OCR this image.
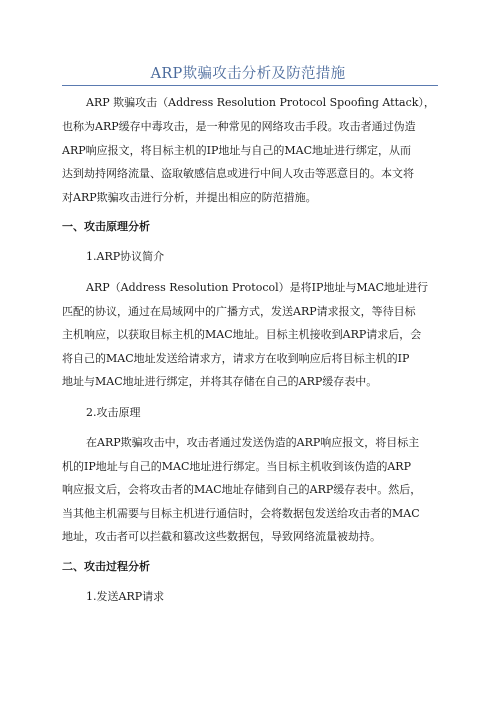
ARP欺骗攻击分析及防范措施
ARP 欺骗攻击（Address Resolution Protocol Spoofing Attack），
也称为ARP缓存中毒攻击，是一种常见的网络攻击手段。攻击者通过伪造
ARP响应报文，将目标主机的IP地址与自己的MAC地址进行绑定，从而
达到劫持网络流量、盗取敏感信息或进行中间人攻击等恶意目的。本文将
对ARP欺骗攻击进行分析，并提出相应的防范措施。
一、攻击原理分析
1.ARP协议简介
ARP（Address Resolution Protocol）是将IP地址与MAC地址进行
匹配的协议，通过在局域网中的广播方式，发送ARP请求报文，等待目标
主机响应，以获取目标主机的MAC地址。目标主机接收到ARP请求后，会
将自己的MAC地址发送给请求方，请求方在收到响应后将目标主机的IP
地址与MAC地址进行绑定，并将其存储在自己的ARP缓存表中。
2.攻击原理
在ARP欺骗攻击中，攻击者通过发送伪造的ARP响应报文，将目标主
机的IP地址与自己的MAC地址进行绑定。当目标主机收到该伪造的ARP
响应报文后，会将攻击者的MAC地址存储到自己的ARP缓存表中。然后，
当其他主机需要与目标主机进行通信时，会将数据包发送给攻击者的MAC
地址，攻击者可以拦截和篡改这些数据包，导致网络流量被劫持。
二、攻击过程分析
1.发送ARP请求
